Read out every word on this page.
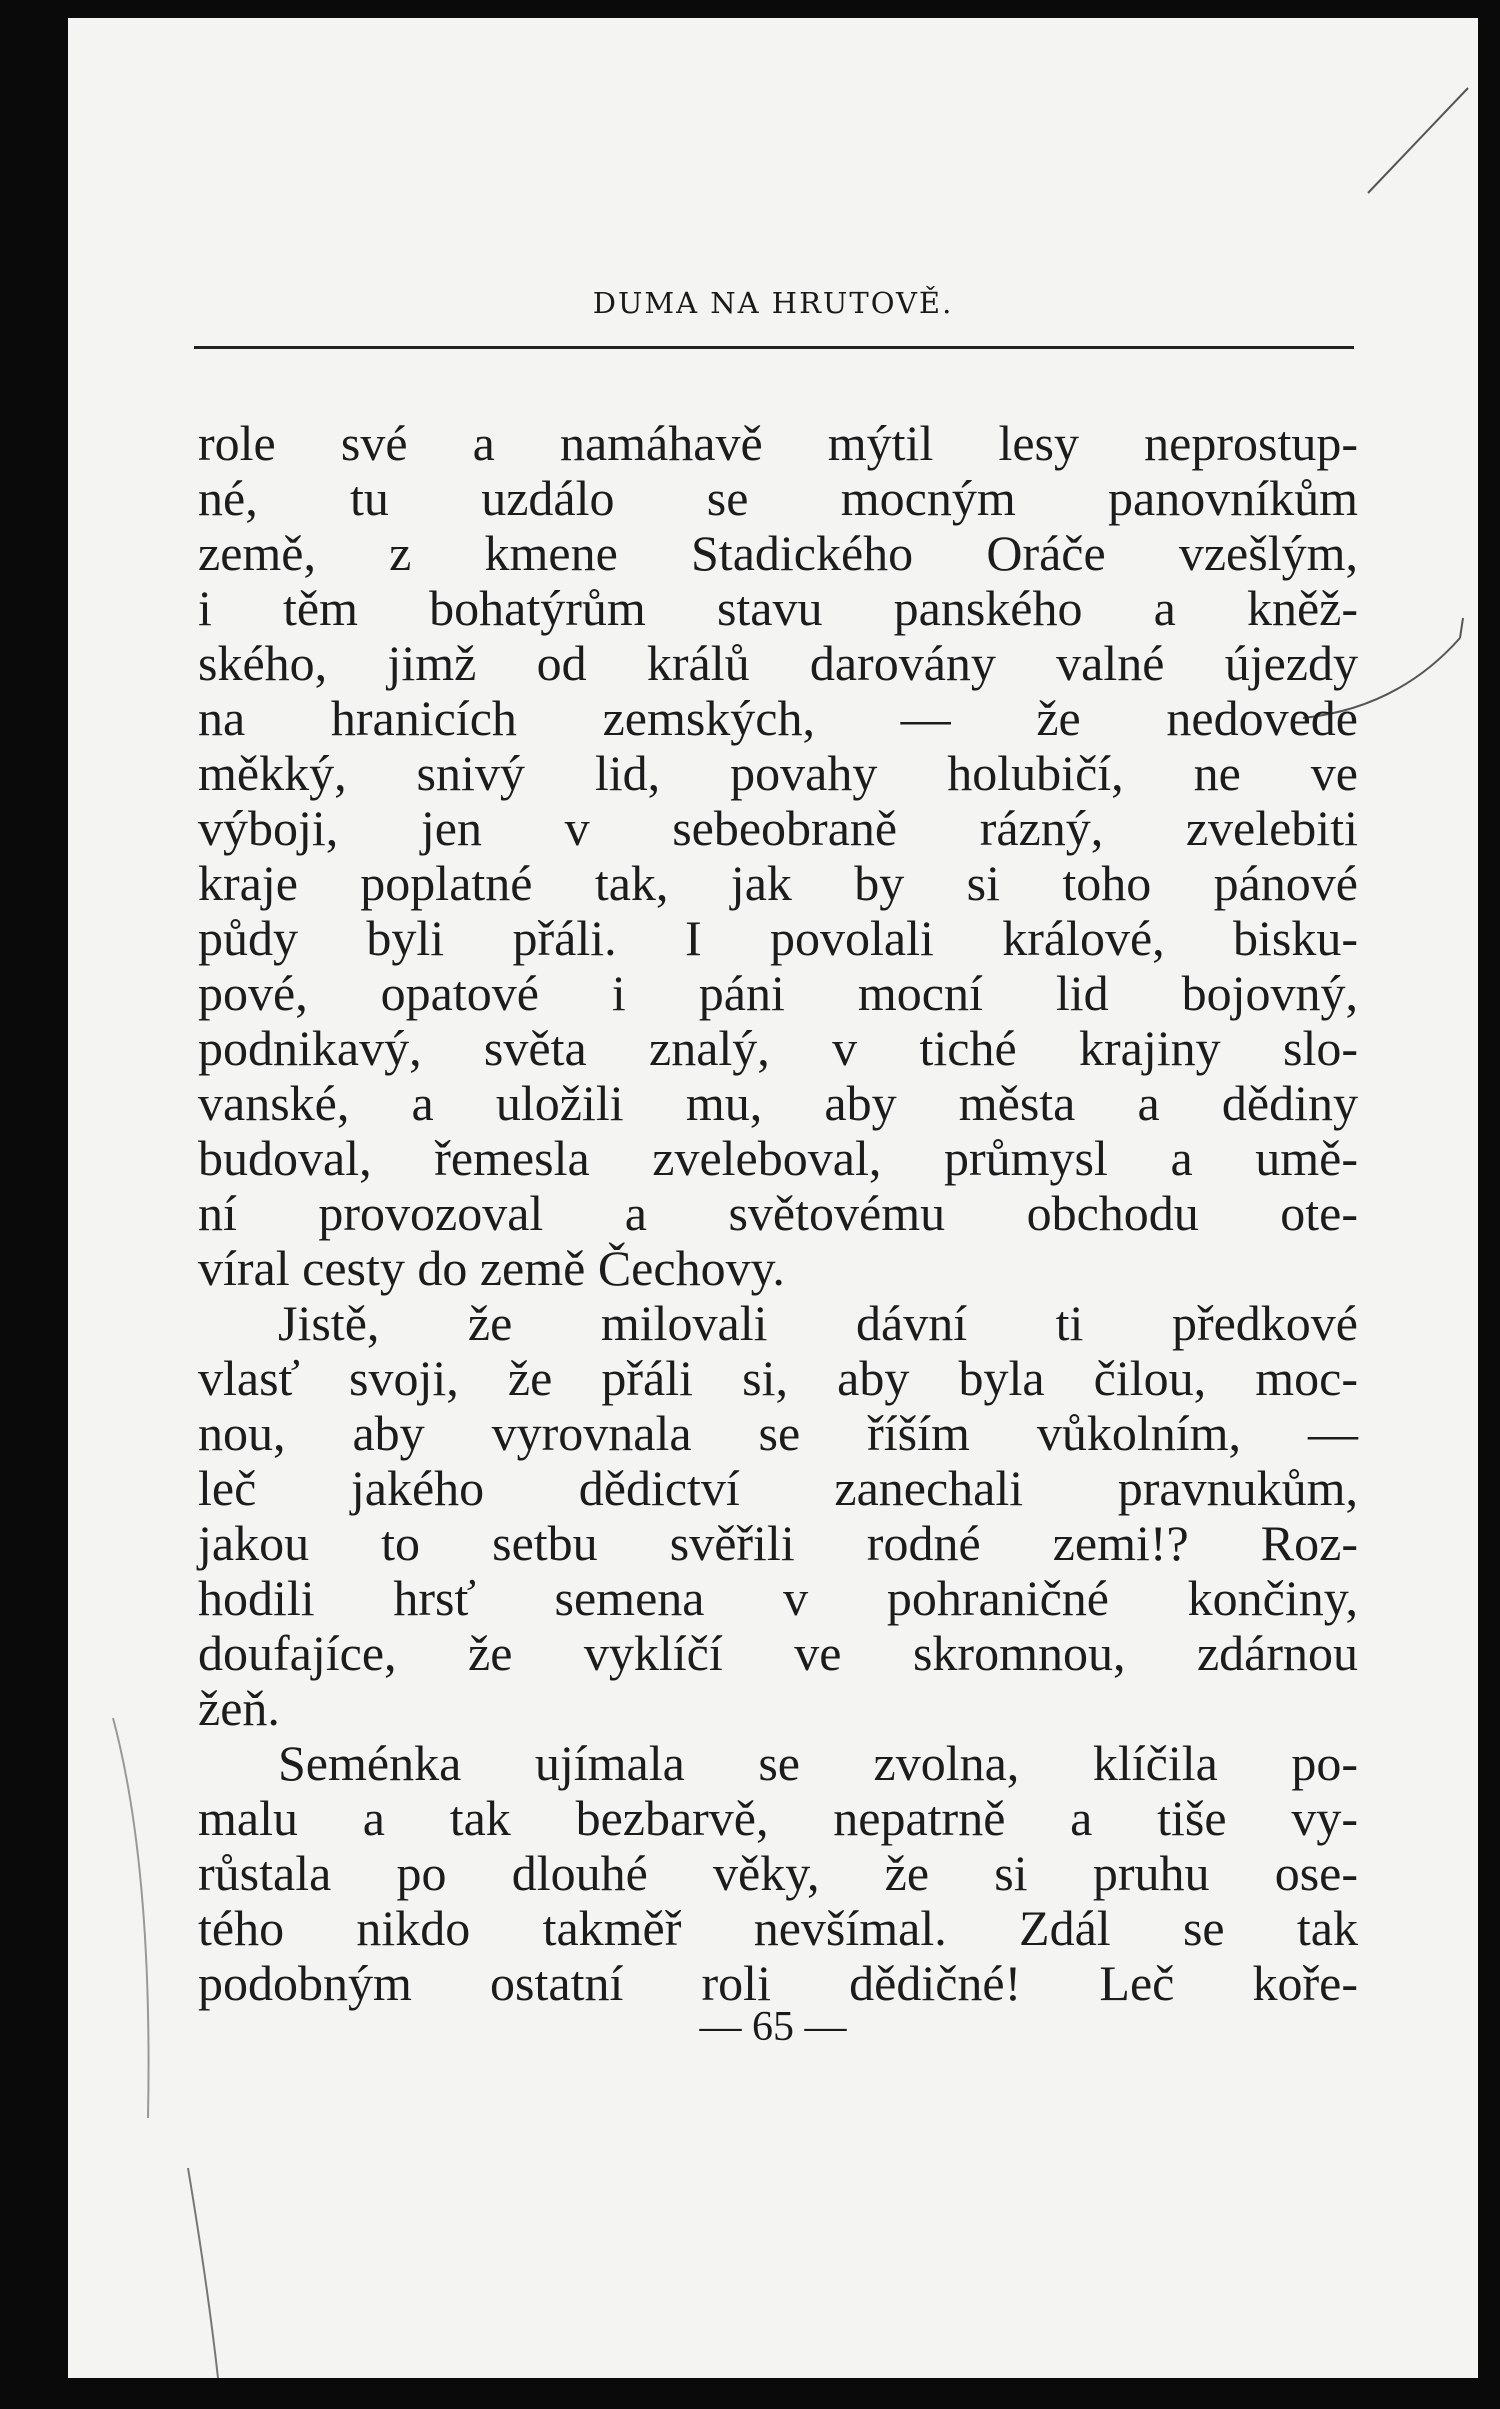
DUMA NA HRUTOVĚ.
role své a namáhavě mýtil lesy neprostup-
né, tu uzdálo se mocným panovníkům
země, z kmene Stadického Oráče vzešlým,
i těm bohatýrům stavu panského a kněž-
ského, jimž od králů darovány valné újezdy
na hranicích zemských, — že nedovede
měkký, snivý lid, povahy holubičí, ne ve
výboji, jen v sebeobraně rázný, zvelebiti
kraje poplatné tak, jak by si toho pánové
půdy byli přáli. I povolali králové, bisku-
pové, opatové i páni mocní lid bojovný,
podnikavý, světa znalý, v tiché krajiny slo-
vanské, a uložili mu, aby města a dědiny
budoval, řemesla zveleboval, průmysl a umě-
ní provozoval a světovému obchodu ote-
víral cesty do země Čechovy.
Jistě, že milovali dávní ti předkové
vlasť svoji, že přáli si, aby byla čilou, moc-
nou, aby vyrovnala se říším vůkolním, —
leč jakého dědictví zanechali pravnukům,
jakou to setbu svěřili rodné zemi!? Roz-
hodili hrsť semena v pohraničné končiny,
doufajíce, že vyklíčí ve skromnou, zdárnou
žeň.
Seménka ujímala se zvolna, klíčila po-
malu a tak bezbarvě, nepatrně a tiše vy-
růstala po dlouhé věky, že si pruhu ose-
tého nikdo takměř nevšímal. Zdál se tak
podobným ostatní roli dědičné! Leč koře-
— 65 —
